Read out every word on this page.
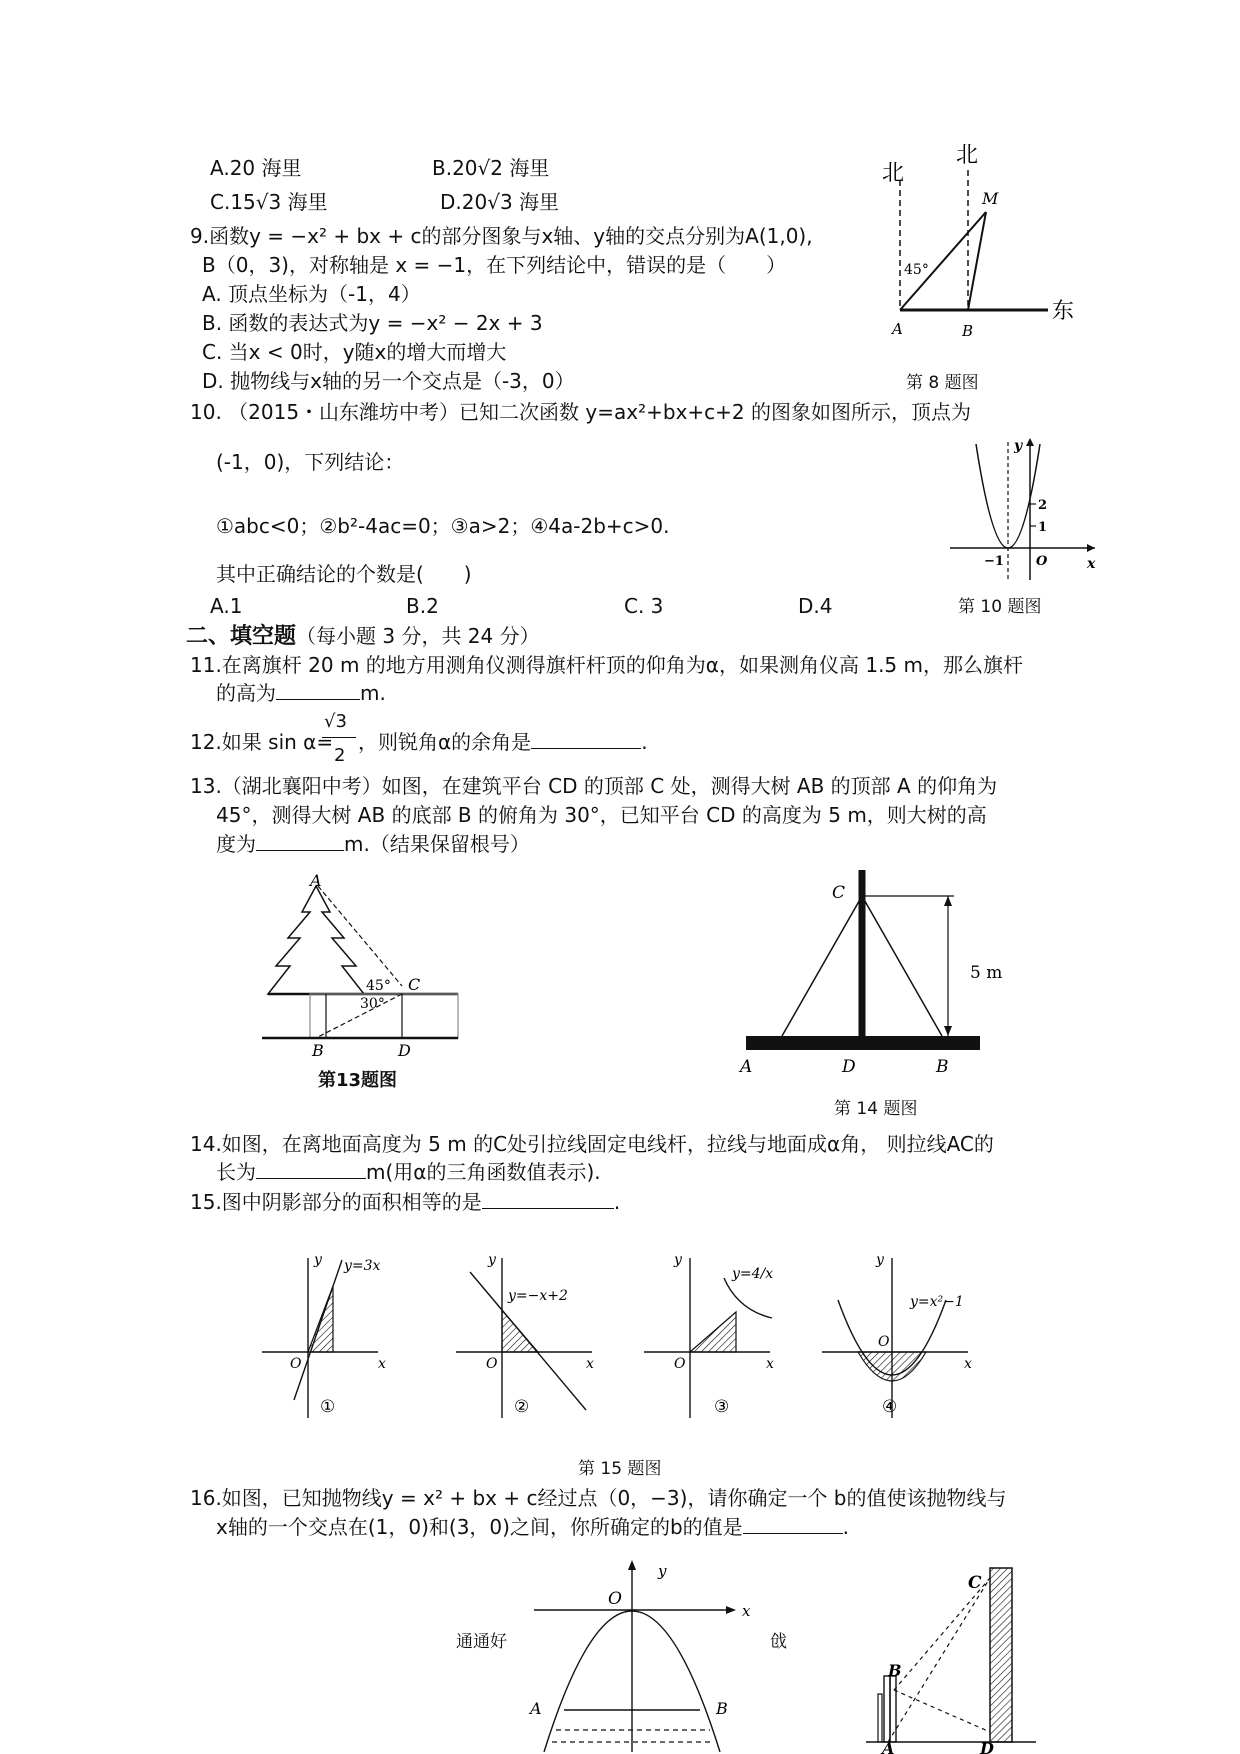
A.20 海里	B.20√2 海里
C.15√3 海里	D.20√3 海里
北
北
东
M
45°
A	B
第 8 题图
9.函数y = −x² + bx + c的部分图象与x轴、y轴的交点分别为A(1,0),
B（0，3)，对称轴是 x = −1，在下列结论中，错误的是（　　）
A. 顶点坐标为（-1，4）
B. 函数的表达式为y = −x² − 2x + 3
C. 当x < 0时，y随x的增大而增大
D. 抛物线与x轴的另一个交点是（-3，0）
10. （2015・山东潍坊中考）已知二次函数 y=ax²+bx+c+2 的图象如图所示，顶点为
(-1，0)，下列结论：
①abc<0；②b²-4ac=0；③a>2；④4a-2b+c>0.
其中正确结论的个数是(　　)
A.1	B.2	C. 3	D.4
y
x
2
1
−1 O
第 10 题图
二、填空题（每小题 3 分，共 24 分）
11.在离旗杆 20 m 的地方用测角仪测得旗杆杆顶的仰角为α，如果测角仪高 1.5 m，那么旗杆
的高为	m.
12.如果 sin α=
√3
2
，则锐角α的余角是	.
13.（湖北襄阳中考）如图，在建筑平台 CD 的顶部 C 处，测得大树 AB 的顶部 A 的仰角为
45°，测得大树 AB 的底部 B 的俯角为 30°，已知平台 CD 的高度为 5 m，则大树的高
度为	m.（结果保留根号）
A
C
B	D
45°
30°
第13题图
C
5 m
A	D	B
第 14 题图
14.如图，在离地面高度为 5 m 的C处引拉线固定电线杆，拉线与地面成α角， 则拉线AC的
长为	m(用α的三角函数值表示).
15.图中阴影部分的面积相等的是	.
y=3x
y
x
O
①
y=−x+2
y
x
O
②
y=4/x
y
x
O
③
y=x²−1
y
x
O
④
第 15 题图
16.如图，已知抛物线y = x² + bx + c经过点（0，−3)，请你确定一个 b的值使该抛物线与
x轴的一个交点在(1，0)和(3，0)之间，你所确定的b的值是	.
通通好	戗
O
y
x
A	B
C
B
A	D
